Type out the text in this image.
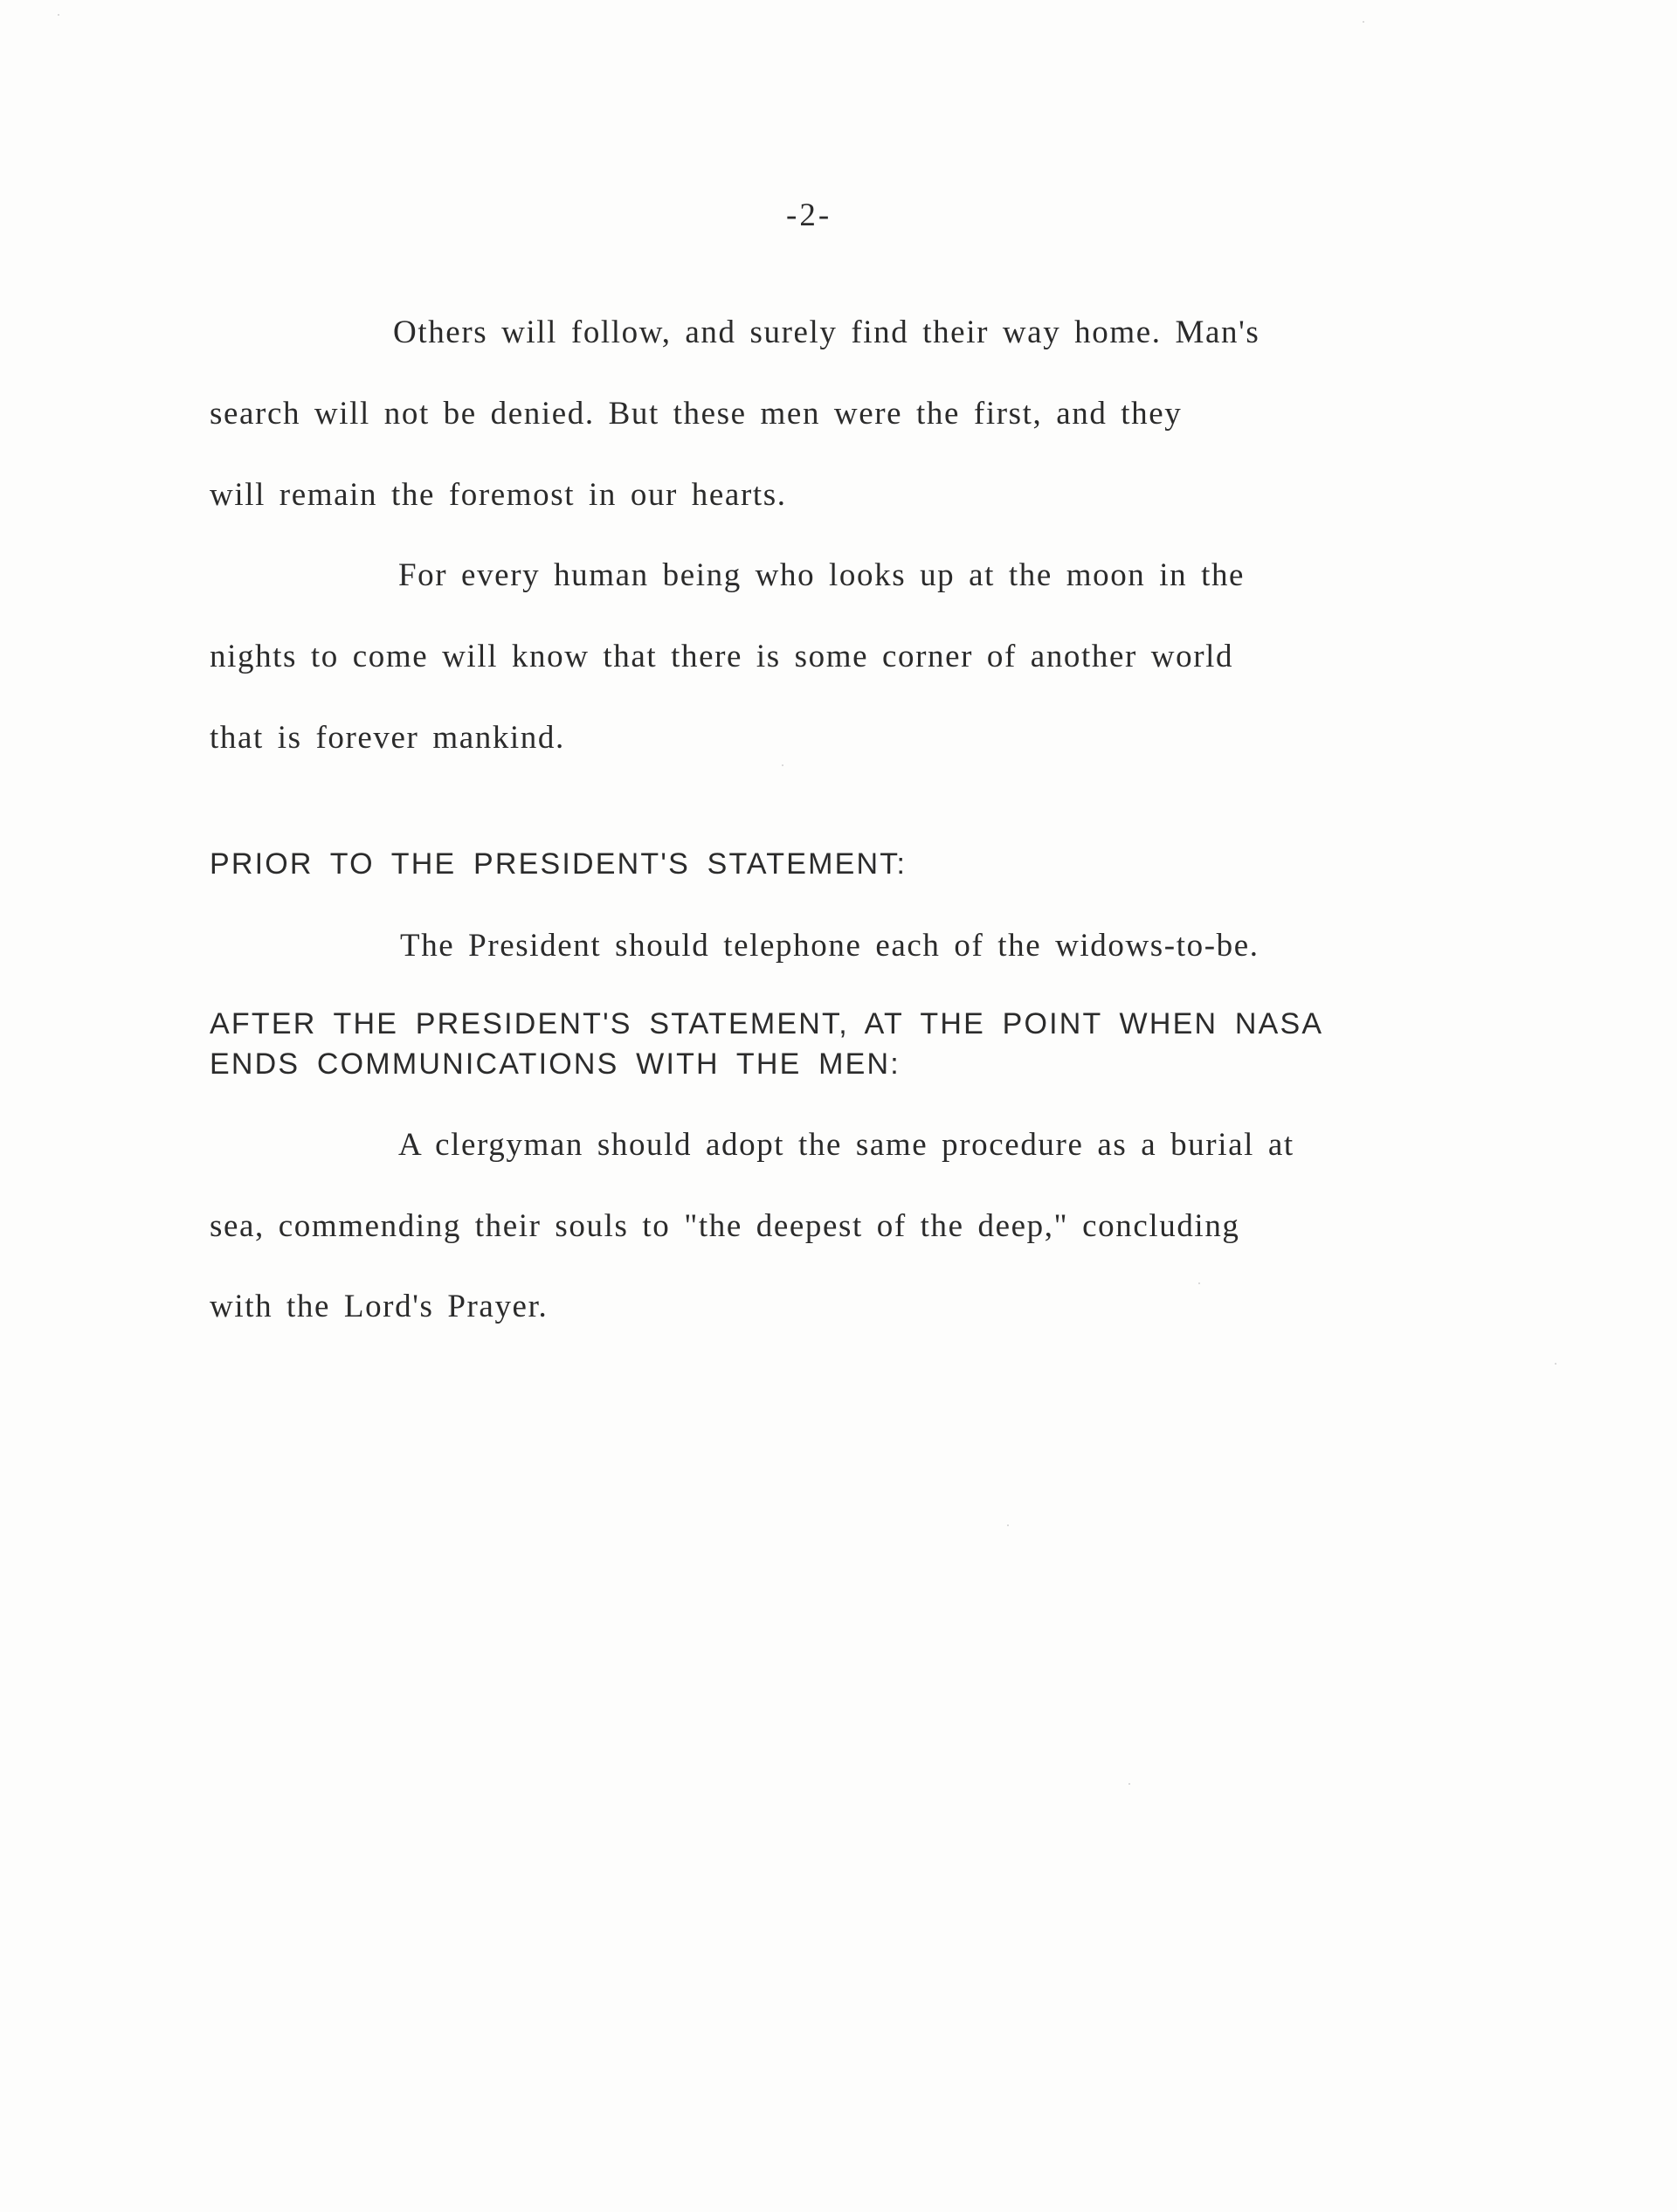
-2-
Others will follow, and surely find their way home. Man's
search will not be denied. But these men were the first, and they
will remain the foremost in our hearts.
For every human being who looks up at the moon in the
nights to come will know that there is some corner of another world
that is forever mankind.
PRIOR TO THE PRESIDENT'S STATEMENT:
The President should telephone each of the widows-to-be.
AFTER THE PRESIDENT'S STATEMENT, AT THE POINT WHEN NASA
ENDS COMMUNICATIONS WITH THE MEN:
A clergyman should adopt the same procedure as a burial at
sea, commending their souls to "the deepest of the deep," concluding
with the Lord's Prayer.
